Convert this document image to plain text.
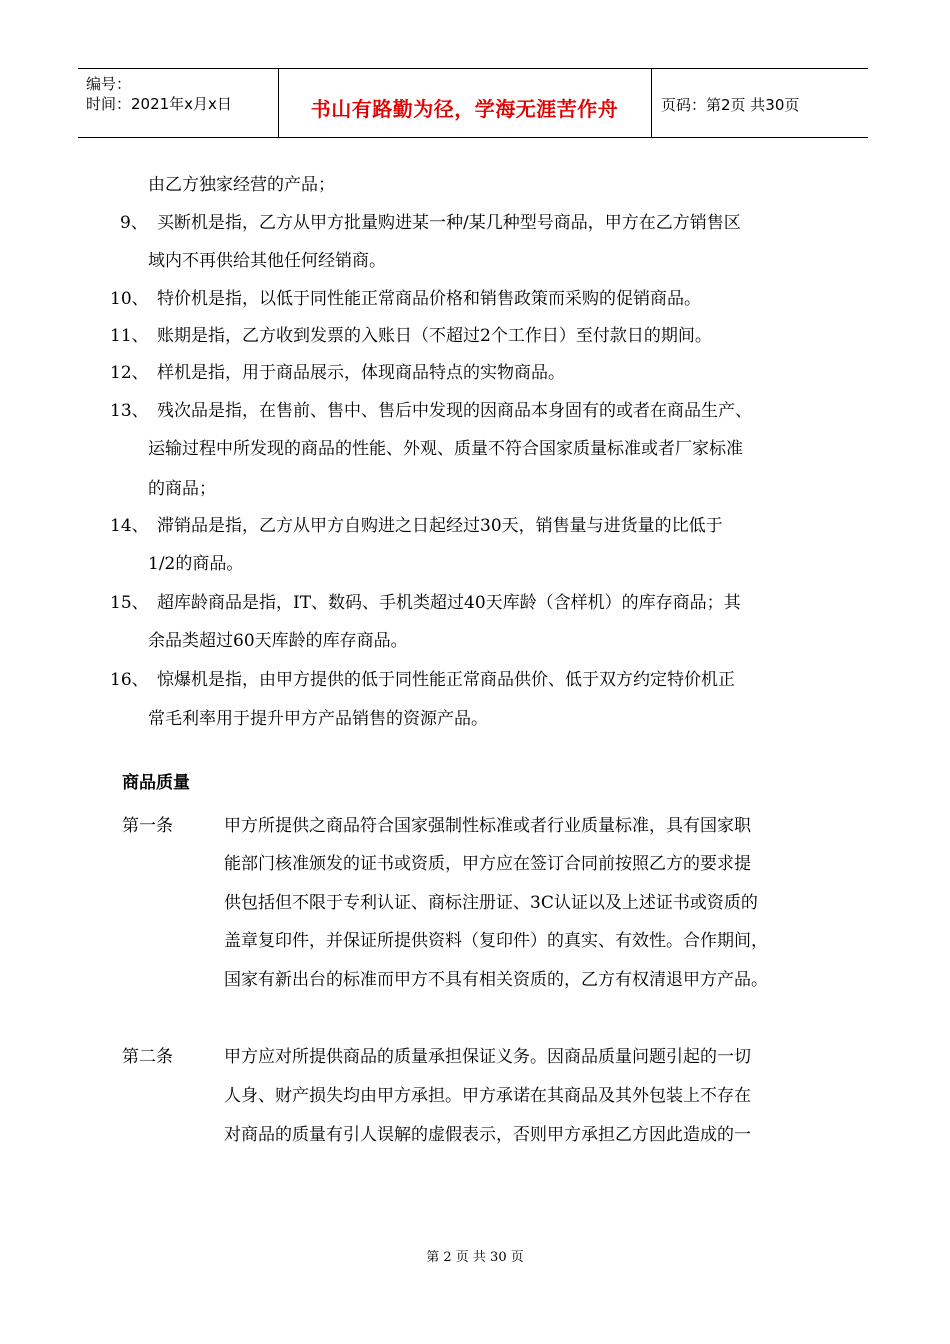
编号：
时间：2021年x月x日	书山有路勤为径，学海无涯苦作舟	页码：第2页 共30页
由乙方独家经营的产品；
9、 买断机是指，乙方从甲方批量购进某一种/某几种型号商品，甲方在乙方销售区
域内不再供给其他任何经销商。
10、 特价机是指，以低于同性能正常商品价格和销售政策而采购的促销商品。
11、 账期是指，乙方收到发票的入账日（不超过2个工作日）至付款日的期间。
12、 样机是指，用于商品展示，体现商品特点的实物商品。
13、 残次品是指，在售前、售中、售后中发现的因商品本身固有的或者在商品生产、
运输过程中所发现的商品的性能、外观、质量不符合国家质量标准或者厂家标准
的商品；
14、 滞销品是指，乙方从甲方自购进之日起经过30天，销售量与进货量的比低于
1/2的商品。
15、 超库龄商品是指，IT、数码、手机类超过40天库龄（含样机）的库存商品；其
余品类超过60天库龄的库存商品。
16、 惊爆机是指，由甲方提供的低于同性能正常商品供价、低于双方约定特价机正
常毛利率用于提升甲方产品销售的资源产品。
商品质量
第一条	甲方所提供之商品符合国家强制性标准或者行业质量标准，具有国家职
能部门核准颁发的证书或资质，甲方应在签订合同前按照乙方的要求提
供包括但不限于专利认证、商标注册证、3C认证以及上述证书或资质的
盖章复印件，并保证所提供资料（复印件）的真实、有效性。合作期间，
国家有新出台的标准而甲方不具有相关资质的，乙方有权清退甲方产品。
第二条	甲方应对所提供商品的质量承担保证义务。因商品质量问题引起的一切
人身、财产损失均由甲方承担。甲方承诺在其商品及其外包装上不存在
对商品的质量有引人误解的虚假表示，否则甲方承担乙方因此造成的一
第 2 页 共 30 页
